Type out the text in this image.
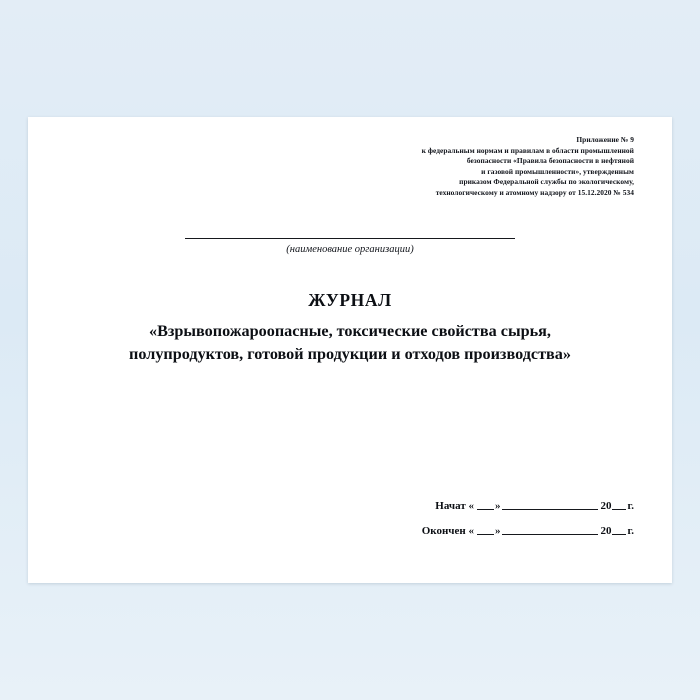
Приложение № 9
к федеральным нормам и правилам в области промышленной
безопасности «Правила безопасности в нефтяной
и газовой промышленности», утвержденным
приказом Федеральной службы по экологическому,
технологическому и атомному надзору от 15.12.2020 № 534
(наименование организации)
ЖУРНАЛ
«Взрывопожароопасные, токсические свойства сырья,
полупродуктов, готовой продукции и отходов производства»
Начат « »	20 г.
Окончен « »	20 г.
